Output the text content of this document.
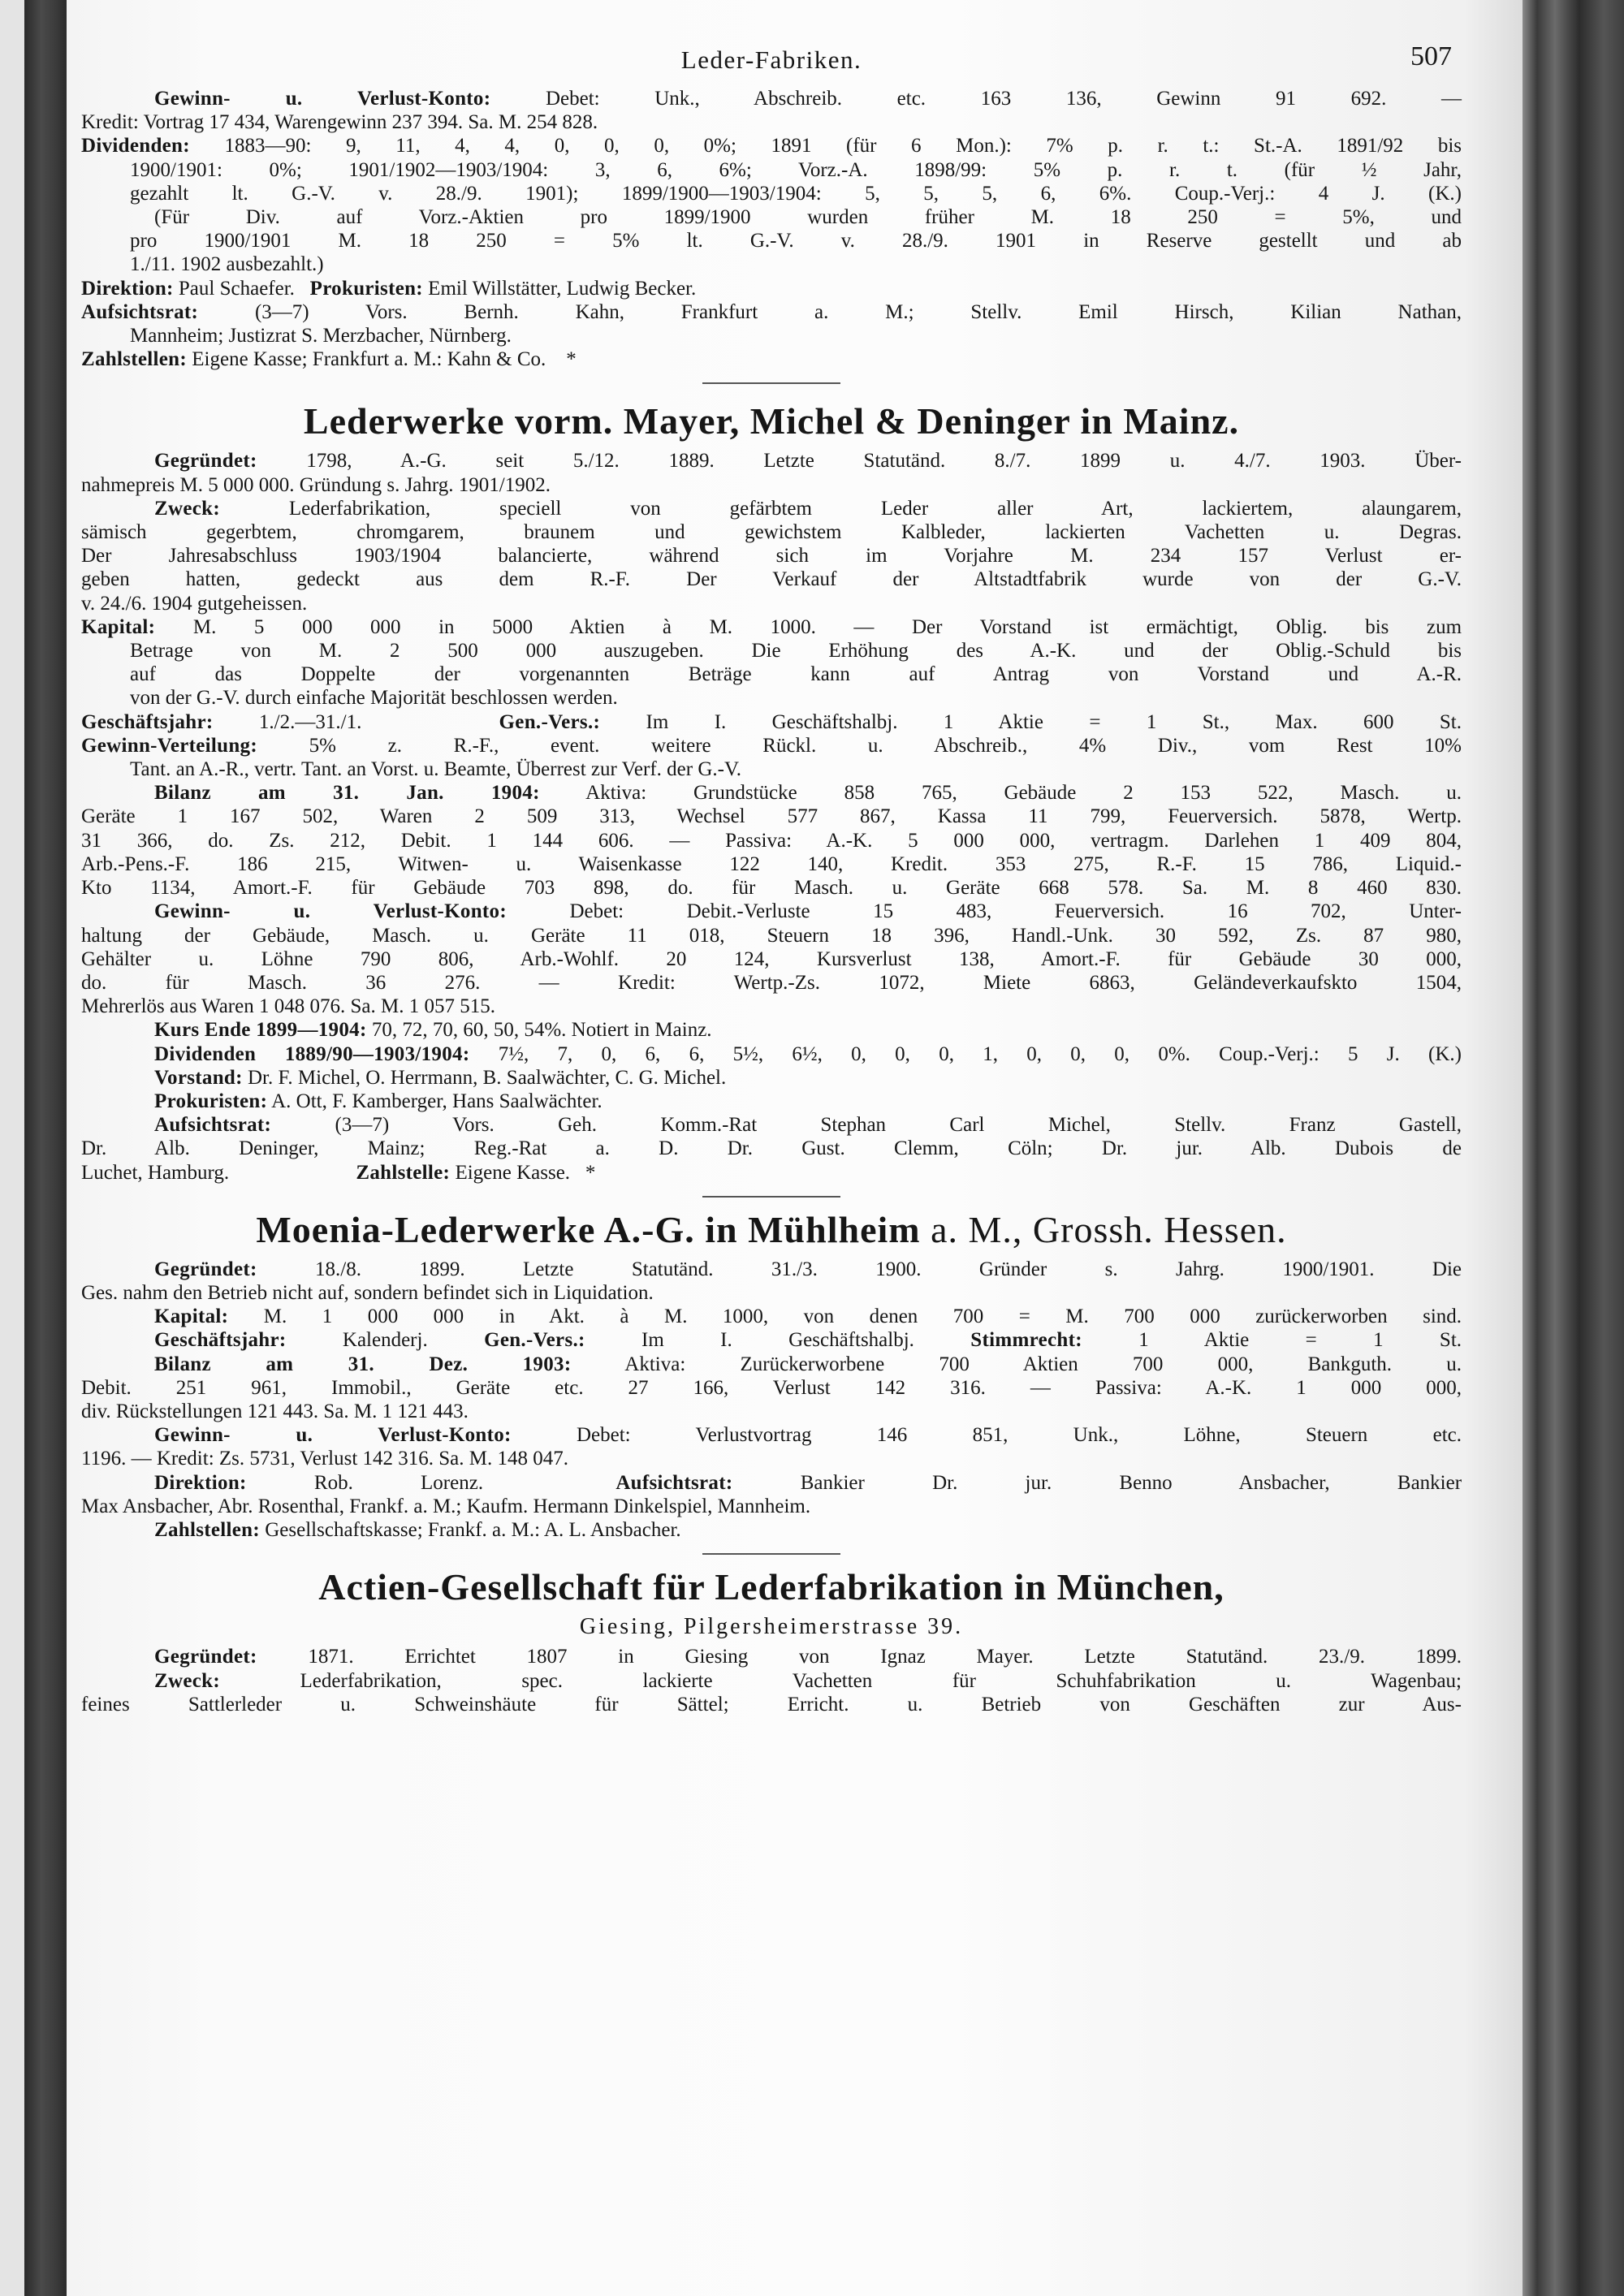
Leder-Fabriken.	507

Gewinn- u. Verlust-Konto:	Debet: Unk., Abschreib. etc. 163 136, Gewinn 91 692. —

Kredit: Vortrag 17 434, Warengewinn 237 394. Sa. M. 254 828.

Dividenden: 1883—90: 9, 11, 4, 4, 0, 0, 0, 0%; 1891 (für 6 Mon.): 7% p. r. t.: St.-A. 1891/92 bis

1900/1901: 0%; 1901/1902—1903/1904: 3, 6, 6%; Vorz.-A. 1898/99: 5% p. r. t. (für ½ Jahr,

gezahlt lt. G.-V. v. 28./9. 1901); 1899/1900—1903/1904: 5, 5, 5, 6, 6%. Coup.-Verj.: 4 J. (K.)

(Für Div. auf Vorz.-Aktien pro 1899/1900 wurden früher M. 18 250 = 5%, und

pro 1900/1901 M. 18 250 = 5% lt. G.-V. v. 28./9. 1901 in Reserve gestellt und ab

1./11. 1902 ausbezahlt.)

Direktion: Paul Schaefer. Prokuristen: Emil Willstätter, Ludwig Becker.

Aufsichtsrat:	(3—7) Vors. Bernh. Kahn, Frankfurt a. M.; Stellv. Emil Hirsch, Kilian Nathan,

Mannheim; Justizrat S. Merzbacher, Nürnberg.

Zahlstellen: Eigene Kasse; Frankfurt a. M.: Kahn & Co. *

Lederwerke vorm. Mayer, Michel & Deninger in Mainz.

Gegründet: 1798, A.-G. seit 5./12. 1889. Letzte Statutänd. 8./7. 1899 u. 4./7. 1903. Über-

nahmepreis M. 5 000 000. Gründung s. Jahrg. 1901/1902.

Zweck:	Lederfabrikation, speciell von gefärbtem Leder aller Art, lackiertem, alaungarem,

sämisch gegerbtem, chromgarem, braunem und gewichstem Kalbleder, lackierten Vachetten u. Degras.

Der Jahresabschluss 1903/1904 balancierte, während sich im Vorjahre M. 234 157 Verlust er-

geben hatten, gedeckt aus dem R.-F. Der Verkauf der Altstadtfabrik wurde von der G.-V.

v. 24./6. 1904 gutgeheissen.

Kapital: M. 5 000 000 in 5000 Aktien à M. 1000. — Der Vorstand ist ermächtigt, Oblig. bis zum

Betrage von M. 2 500 000 auszugeben. Die Erhöhung des A.-K. und der Oblig.-Schuld bis

auf das Doppelte der vorgenannten Beträge kann auf Antrag von Vorstand und A.-R.

von der G.-V. durch einfache Majorität beschlossen werden.

Geschäftsjahr: 1./2.—31./1.	Gen.-Vers.: Im I. Geschäftshalbj. 1 Aktie = 1 St., Max. 600 St.

Gewinn-Verteilung:	5% z. R.-F., event. weitere Rückl. u. Abschreib., 4% Div., vom Rest 10%

Tant. an A.-R., vertr. Tant. an Vorst. u. Beamte, Überrest zur Verf. der G.-V.

Bilanz am 31. Jan. 1904: Aktiva: Grundstücke 858 765, Gebäude 2 153 522, Masch. u.

Geräte 1 167 502, Waren 2 509 313, Wechsel 577 867, Kassa 11 799, Feuerversich. 5878, Wertp.

31 366, do. Zs. 212, Debit. 1 144 606. — Passiva: A.-K. 5 000 000, vertragm. Darlehen 1 409 804,

Arb.-Pens.-F. 186 215, Witwen- u. Waisenkasse 122 140, Kredit. 353 275, R.-F. 15 786, Liquid.-

Kto 1134, Amort.-F. für Gebäude 703 898, do. für Masch. u. Geräte 668 578. Sa. M. 8 460 830.

Gewinn- u. Verlust-Konto:	Debet: Debit.-Verluste 15 483, Feuerversich. 16 702, Unter-

haltung der Gebäude, Masch. u. Geräte 11 018, Steuern 18 396, Handl.-Unk. 30 592, Zs. 87 980,

Gehälter u. Löhne 790 806, Arb.-Wohlf. 20 124, Kursverlust 138, Amort.-F. für Gebäude 30 000,

do. für Masch. 36 276. — Kredit: Wertp.-Zs. 1072, Miete 6863, Geländeverkaufskto 1504,

Mehrerlös aus Waren 1 048 076. Sa. M. 1 057 515.

Kurs Ende 1899—1904: 70, 72, 70, 60, 50, 54%. Notiert in Mainz.

Dividenden 1889/90—1903/1904: 7½, 7, 0, 6, 6, 5½, 6½, 0, 0, 0, 1, 0, 0, 0, 0%. Coup.-Verj.: 5 J. (K.)

Vorstand: Dr. F. Michel, O. Herrmann, B. Saalwächter, C. G. Michel.

Prokuristen: A. Ott, F. Kamberger, Hans Saalwächter.

Aufsichtsrat:	(3—7) Vors. Geh. Komm.-Rat Stephan Carl Michel, Stellv. Franz Gastell,

Dr. Alb. Deninger, Mainz; Reg.-Rat a. D. Dr. Gust. Clemm, Cöln; Dr. jur. Alb. Dubois de

Luchet, Hamburg.	Zahlstelle: Eigene Kasse. *

Moenia-Lederwerke A.-G. in Mühlheim a. M., Grossh. Hessen.

Gegründet:	18./8. 1899. Letzte Statutänd. 31./3. 1900. Gründer s. Jahrg. 1900/1901. Die

Ges. nahm den Betrieb nicht auf, sondern befindet sich in Liquidation.

Kapital: M. 1 000 000 in Akt. à M. 1000, von denen 700 = M. 700 000 zurückerworben sind.

Geschäftsjahr:	Kalenderj.	Gen.-Vers.:	Im I. Geschäftshalbj.	Stimmrecht:	1 Aktie = 1 St.

Bilanz am 31. Dez. 1903:	Aktiva: Zurückerworbene 700 Aktien 700 000, Bankguth. u.

Debit. 251 961, Immobil., Geräte etc. 27 166, Verlust 142 316. — Passiva: A.-K. 1 000 000,

div. Rückstellungen 121 443. Sa. M. 1 121 443.

Gewinn- u. Verlust-Konto:	Debet: Verlustvortrag 146 851, Unk., Löhne, Steuern etc.

1196. — Kredit: Zs. 5731, Verlust 142 316. Sa. M. 148 047.

Direktion:	Rob. Lorenz.	Aufsichtsrat:	Bankier Dr. jur. Benno Ansbacher, Bankier

Max Ansbacher, Abr. Rosenthal, Frankf. a. M.; Kaufm. Hermann Dinkelspiel, Mannheim.

Zahlstellen: Gesellschaftskasse; Frankf. a. M.: A. L. Ansbacher.

Actien-Gesellschaft für Lederfabrikation in München,
Giesing, Pilgersheimerstrasse 39.

Gegründet:	1871. Errichtet 1807 in Giesing von Ignaz Mayer. Letzte Statutänd. 23./9. 1899.

Zweck:	Lederfabrikation, spec. lackierte Vachetten für Schuhfabrikation u. Wagenbau;

feines Sattlerleder u. Schweinshäute für Sättel; Erricht. u. Betrieb von Geschäften zur Aus-
